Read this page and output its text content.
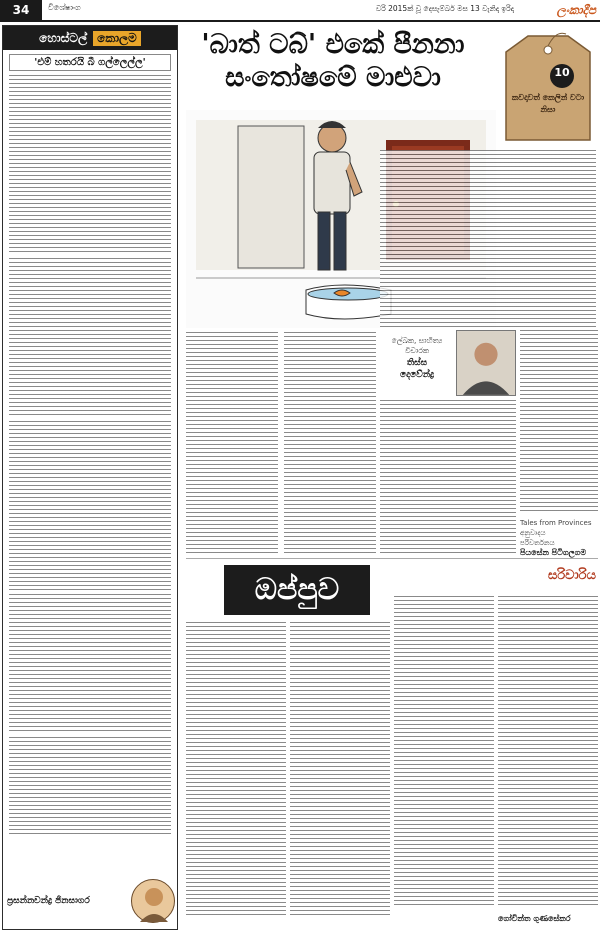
34	විශේෂාංග	වරි 2015ක් වූ දෙසැම්බර් මස 13 වැනිදා ඉරිදා	ලංකාදීප
හොස්ටල් කොලම
'එම් හතරයි බී ගල්ලෙල්ල'
ප්‍රසන්නචන්ද්‍ර ජිනසාගර
'බාත් ටබ්' එකේ පීනනා
සංතෝෂමේ මාළුවා	10
කවදාවත් කෙලින් වටා නිසා
ලේඛක, සාහිත්‍ය
විචාරක
තිස්ස
දෙවේන්ද්‍ර
Tales from Provinces අනුවාදය
පරිවර්තනය
පියසේන පිටිගලගම
ඔප්පුව	සරිවාරිය
ගෝවින්ත ගුණසේකර
